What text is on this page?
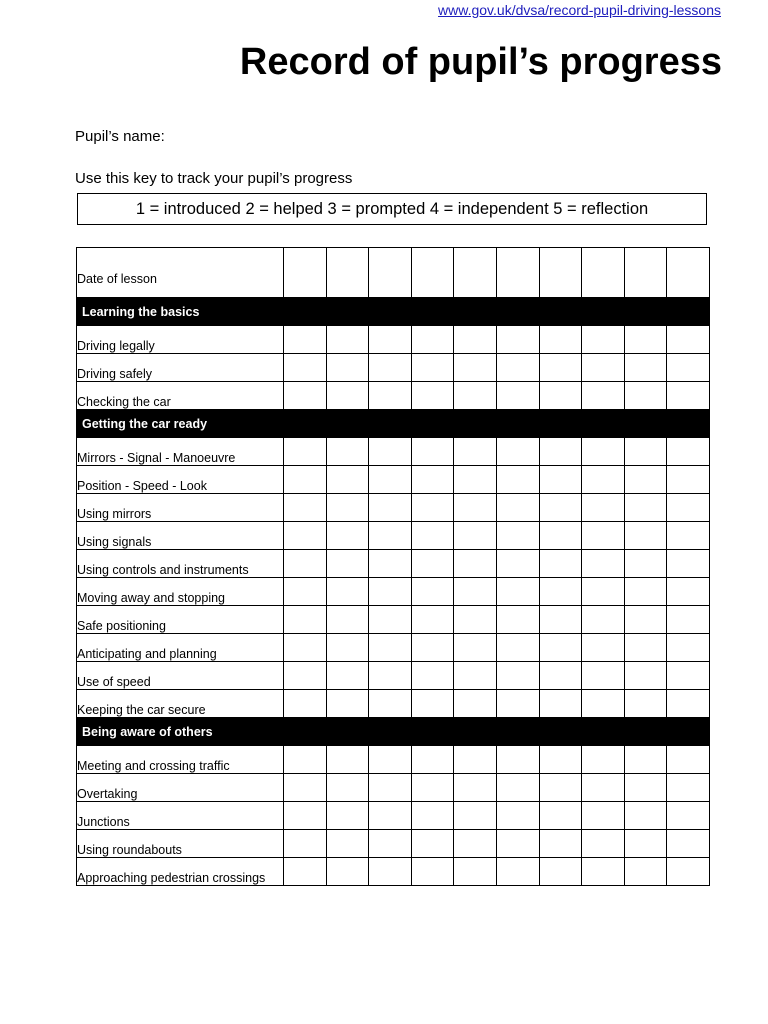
www.gov.uk/dvsa/record-pupil-driving-lessons
Record of pupil’s progress
Pupil’s name:
Use this key to track your pupil’s progress
1 = introduced 2 = helped 3 = prompted 4 = independent 5 = reflection
Date of lesson										
Learning the basics										
Driving legally										
Driving safely										
Checking the car										
Getting the car ready										
Mirrors - Signal - Manoeuvre										
Position - Speed - Look										
Using mirrors										
Using signals										
Using controls and instruments										
Moving away and stopping										
Safe positioning										
Anticipating and planning										
Use of speed										
Keeping the car secure										
Being aware of others										
Meeting and crossing traffic										
Overtaking										
Junctions										
Using roundabouts										
Approaching pedestrian crossings										
